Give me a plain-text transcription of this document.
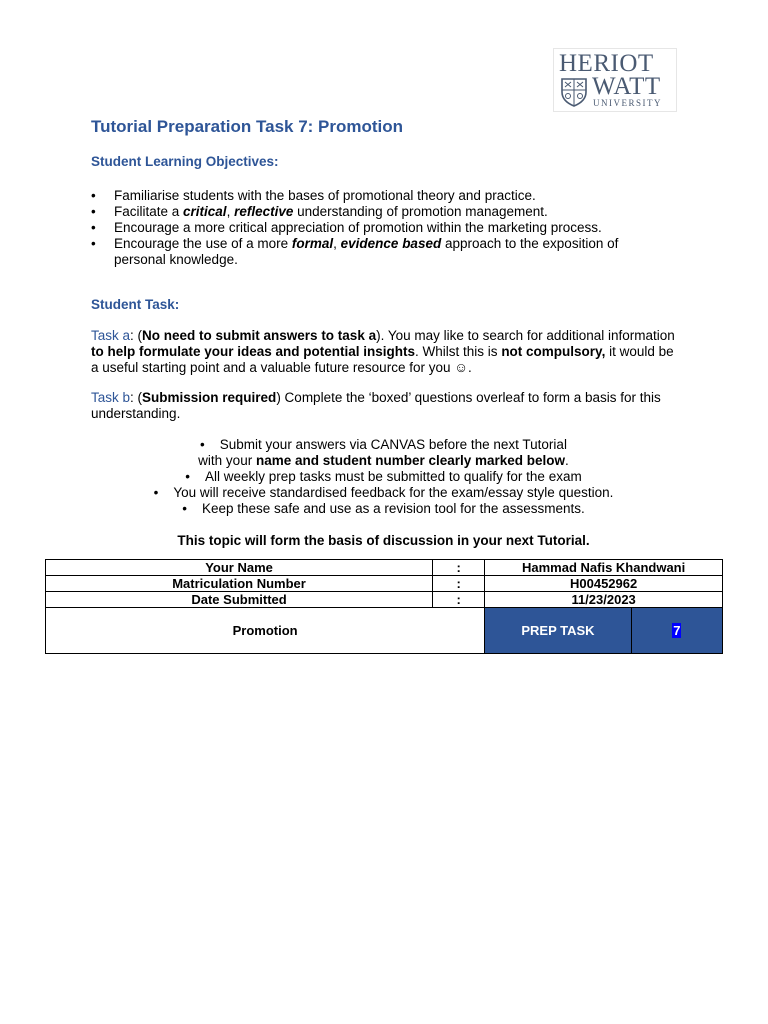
HERIOT
WATT
UNIVERSITY
Tutorial Preparation Task 7: Promotion
Student Learning Objectives:
• Familiarise students with the bases of promotional theory and practice.
• Facilitate a critical, reflective understanding of promotion management.
• Encourage a more critical appreciation of promotion within the marketing process.
• Encourage the use of a more formal, evidence based approach to the exposition of personal knowledge.
Student Task:
Task a: (No need to submit answers to task a). You may like to search for additional information to help formulate your ideas and potential insights. Whilst this is not compulsory, it would be a useful starting point and a valuable future resource for you ☺.
Task b: (Submission required) Complete the ‘boxed’ questions overleaf to form a basis for this understanding.
•    Submit your answers via CANVAS before the next Tutorial
with your name and student number clearly marked below.
•    All weekly prep tasks must be submitted to qualify for the exam
•    You will receive standardised feedback for the exam/essay style question.
•    Keep these safe and use as a revision tool for the assessments.
This topic will form the basis of discussion in your next Tutorial.
Your Name	:	Hammad Nafis Khandwani	
Matriculation Number	:	H00452962	
Date Submitted	:	11/23/2023	
Promotion		PREP TASK	7
